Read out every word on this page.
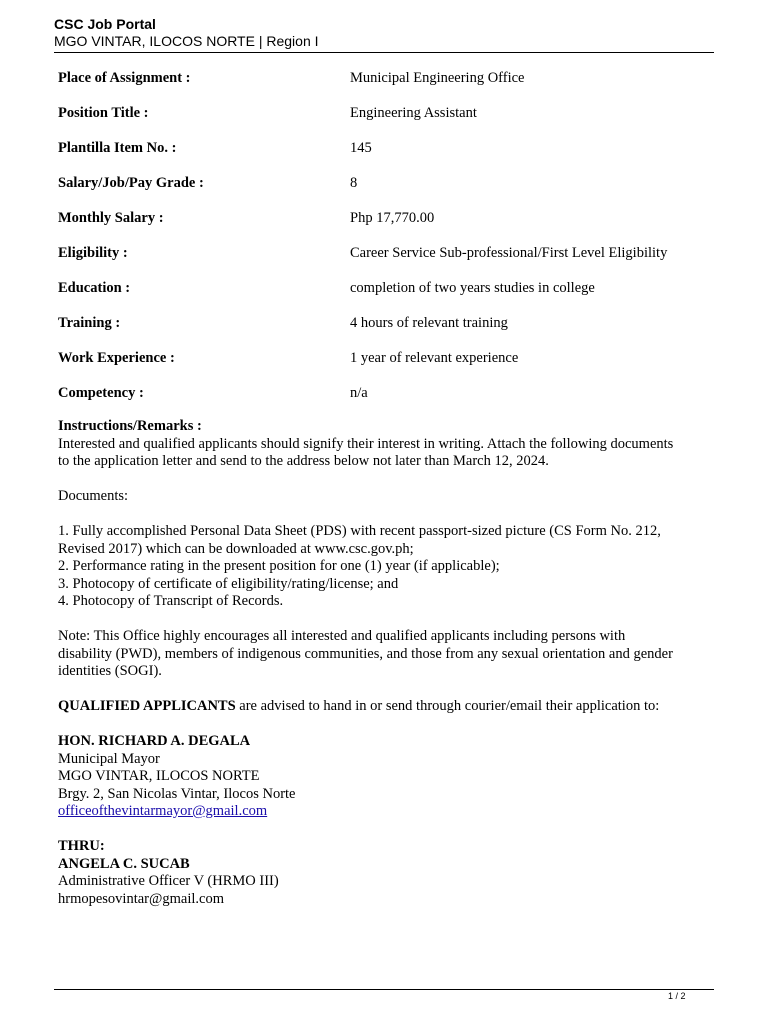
CSC Job Portal
MGO VINTAR, ILOCOS NORTE | Region I
Place of Assignment :	Municipal Engineering Office
Position Title :	Engineering Assistant
Plantilla Item No. :	145
Salary/Job/Pay Grade :	8
Monthly Salary :	Php 17,770.00
Eligibility :	Career Service Sub-professional/First Level Eligibility
Education :	completion of two years studies in college
Training :	4 hours of relevant training
Work Experience :	1 year of relevant experience
Competency :	n/a
Instructions/Remarks :
Interested and qualified applicants should signify their interest in writing. Attach the following documents
to the application letter and send to the address below not later than March 12, 2024.
Documents:
1. Fully accomplished Personal Data Sheet (PDS) with recent passport-sized picture (CS Form No. 212,
Revised 2017) which can be downloaded at www.csc.gov.ph;
2. Performance rating in the present position for one (1) year (if applicable);
3. Photocopy of certificate of eligibility/rating/license; and
4. Photocopy of Transcript of Records.
Note: This Office highly encourages all interested and qualified applicants including persons with
disability (PWD), members of indigenous communities, and those from any sexual orientation and gender
identities (SOGI).
QUALIFIED APPLICANTS are advised to hand in or send through courier/email their application to:
HON. RICHARD A. DEGALA
Municipal Mayor
MGO VINTAR, ILOCOS NORTE
Brgy. 2, San Nicolas Vintar, Ilocos Norte
officeofthevintarmayor@gmail.com
THRU:
ANGELA C. SUCAB
Administrative Officer V (HRMO III)
hrmopesovintar@gmail.com
1 / 2
